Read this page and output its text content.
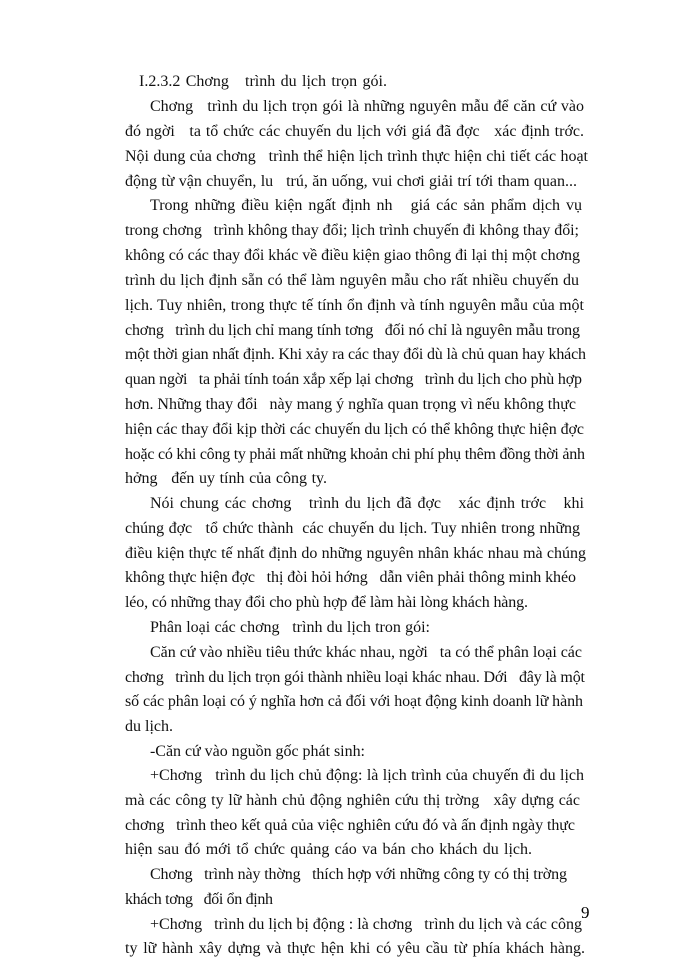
I.2.3.2 Chơng   trình du lịch trọn gói.
Chơng   trình du lịch trọn gói là những nguyên mẫu để căn cứ vào
đó ngời   ta tổ chức các chuyến du lịch với giá đã đợc   xác định trớc.
Nội dung của chơng   trình thể hiện lịch trình thực hiện chi tiết các hoạt
động từ vận chuyển, lu   trú, ăn uống, vui chơi giải trí tới tham quan...
Trong những điều kiện ngất định nh   giá các sản phẩm dịch vụ
trong chơng   trình không thay đổi; lịch trình chuyến đi không thay đổi;
không có các thay đổi khác về điều kiện giao thông đi lại thị một chơng
trình du lịch định sẵn có thể làm nguyên mẫu cho rất nhiều chuyến du
lịch. Tuy nhiên, trong thực tế tính ổn định và tính nguyên mẫu của một
chơng   trình du lịch chỉ mang tính tơng   đối nó chỉ là nguyên mẫu trong
một thời gian nhất định. Khi xảy ra các thay đổi dù là chủ quan hay khách
quan ngời   ta phải tính toán xắp xếp lại chơng   trình du lịch cho phù hợp
hơn. Những thay đổi   này mang ý nghĩa quan trọng vì nếu không thực
hiện các thay đổi kịp thời các chuyến du lịch có thể không thực hiện đợc
hoặc có khi công ty phải mất những khoản chi phí phụ thêm đồng thời ảnh
hởng   đến uy tính của công ty.
Nói chung các chơng   trình du lịch đã đợc   xác định trớc   khi
chúng đợc   tổ chức thành  các chuyến du lịch. Tuy nhiên trong những
điều kiện thực tế nhất định do những nguyên nhân khác nhau mà chúng
không thực hiện đợc   thị đòi hỏi hớng   dẫn viên phải thông minh khéo
léo, có những thay đổi cho phù hợp để làm hài lòng khách hàng.
Phân loại các chơng   trình du lịch tron gói:
Căn cứ vào nhiều tiêu thức khác nhau, ngời   ta có thể phân loại các
chơng   trình du lịch trọn gói thành nhiều loại khác nhau. Dới   đây là một
số các phân loại có ý nghĩa hơn cả đối với hoạt động kinh doanh lữ hành
du lịch.
-Căn cứ vào nguồn gốc phát sinh:
+Chơng   trình du lịch chủ động: là lịch trình của chuyến đi du lịch
mà các công ty lữ hành chủ động nghiên cứu thị trờng   xây dựng các
chơng   trình theo kết quả của việc nghiên cứu đó và ấn định ngày thực
hiện sau đó mới tổ chức quảng cáo va bán cho khách du lịch.
Chơng   trình này thờng   thích hợp với những công ty có thị trờng
khách tơng   đối ổn định
+Chơng   trình du lịch bị động : là chơng   trình du lịch và các công
ty lữ hành xây dựng và thực hện khi có yêu cầu từ phía khách hàng.
9
